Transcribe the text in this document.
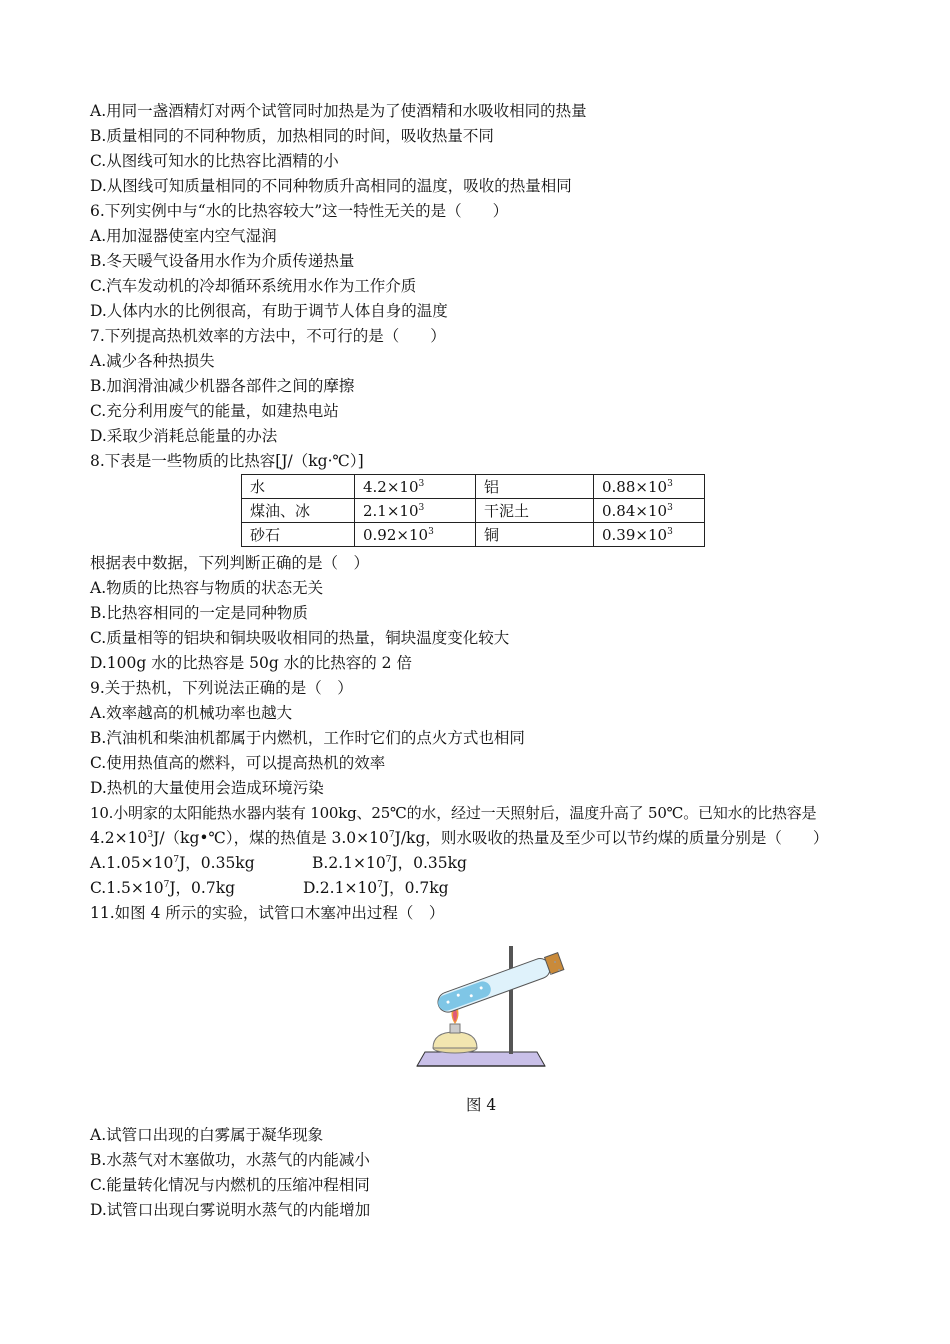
A.用同一盏酒精灯对两个试管同时加热是为了使酒精和水吸收相同的热量
B.质量相同的不同种物质，加热相同的时间，吸收热量不同
C.从图线可知水的比热容比酒精的小
D.从图线可知质量相同的不同种物质升高相同的温度，吸收的热量相同
6.下列实例中与“水的比热容较大”这一特性无关的是（　　）
A.用加湿器使室内空气湿润
B.冬天暖气设备用水作为介质传递热量
C.汽车发动机的冷却循环系统用水作为工作介质
D.人体内水的比例很高，有助于调节人体自身的温度
7.下列提高热机效率的方法中，不可行的是（　　）
A.减少各种热损失
B.加润滑油减少机器各部件之间的摩擦
C.充分利用废气的能量，如建热电站
D.采取少消耗总能量的办法
8.下表是一些物质的比热容[J/（kg·℃）]
水	$4.2\times 10^3$	铝	$0.88\times 10^3$
煤油、冰	$2.1\times 10^3$	干泥土	$0.84\times 10^3$
砂石	$0.92\times 10^3$	铜	$0.39\times 10^3$
根据表中数据，下列判断正确的是（　）
A.物质的比热容与物质的状态无关
B.比热容相同的一定是同种物质
C.质量相等的铝块和铜块吸收相同的热量，铜块温度变化较大
D.100g 水的比热容是 50g 水的比热容的 2 倍
9.关于热机，下列说法正确的是（　）
A.效率越高的机械功率也越大
B.汽油机和柴油机都属于内燃机，工作时它们的点火方式也相同
C.使用热值高的燃料，可以提高热机的效率
D.热机的大量使用会造成环境污染
10.小明家的太阳能热水器内装有 100kg、25℃的水，经过一天照射后，温度升高了 50℃。已知水的比热容是
$4.2\times 10^3J/(kg•℃)$，煤的热值是 $3.0\times 10^7J/kg$，则水吸收的热量及至少可以节约煤的质量分别是（　　）
$A.1.05\times 10^7J$，0.35kg	$B.2.1\times 10^7J$，0.35kg
$C.1.5\times 10^7J$，0.7kg	$D.2.1\times 10^7J$，0.7kg
11.如图 4 所示的实验，试管口木塞冲出过程（　）
图 4
A.试管口出现的白雾属于凝华现象
B.水蒸气对木塞做功，水蒸气的内能减小
C.能量转化情况与内燃机的压缩冲程相同
D.试管口出现白雾说明水蒸气的内能增加
